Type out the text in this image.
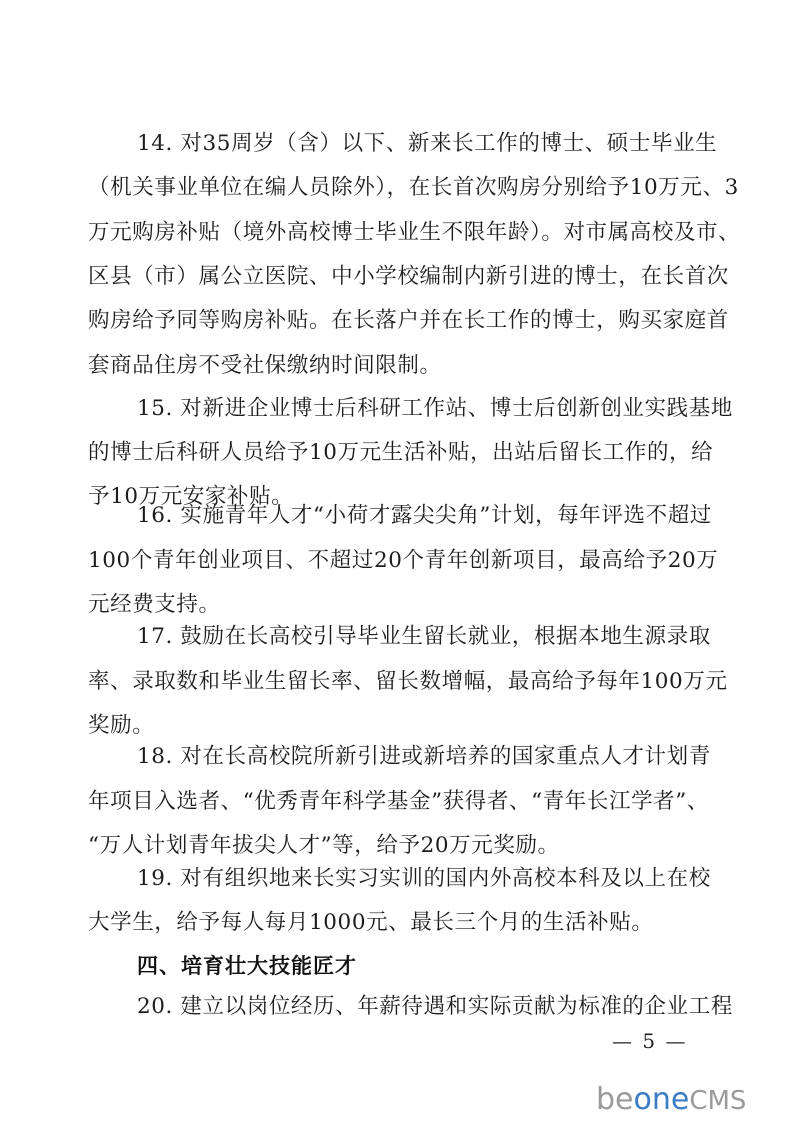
14. 对35周岁（含）以下、新来长工作的博士、硕士毕业生
（机关事业单位在编人员除外），在长首次购房分别给予10万元、3
万元购房补贴（境外高校博士毕业生不限年龄）。对市属高校及市、
区县（市）属公立医院、中小学校编制内新引进的博士，在长首次
购房给予同等购房补贴。在长落户并在长工作的博士，购买家庭首
套商品住房不受社保缴纳时间限制。
15. 对新进企业博士后科研工作站、博士后创新创业实践基地
的博士后科研人员给予10万元生活补贴，出站后留长工作的，给
予10万元安家补贴。
16. 实施青年人才“小荷才露尖尖角”计划，每年评选不超过
100个青年创业项目、不超过20个青年创新项目，最高给予20万
元经费支持。
17. 鼓励在长高校引导毕业生留长就业，根据本地生源录取
率、录取数和毕业生留长率、留长数增幅，最高给予每年100万元
奖励。
18. 对在长高校院所新引进或新培养的国家重点人才计划青
年项目入选者、“优秀青年科学基金”获得者、“青年长江学者”、
“万人计划青年拔尖人才”等，给予20万元奖励。
19. 对有组织地来长实习实训的国内外高校本科及以上在校
大学生，给予每人每月1000元、最长三个月的生活补贴。
四、培育壮大技能匠才
20. 建立以岗位经历、年薪待遇和实际贡献为标准的企业工程
— 5 —
beoneCMS
